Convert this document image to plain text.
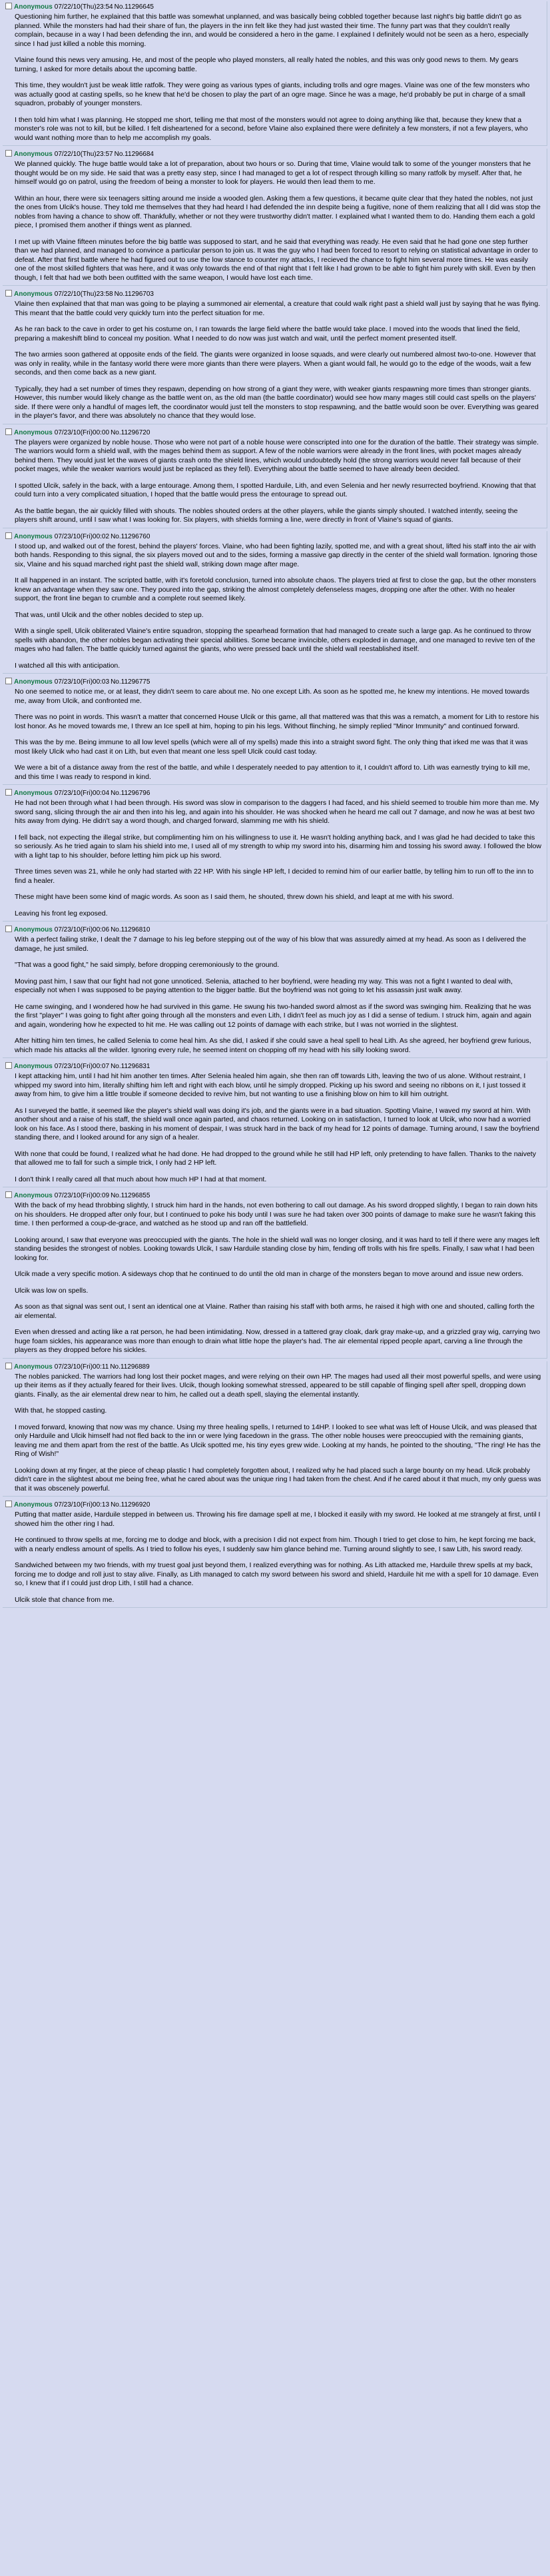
Anonymous 07/22/10(Thu)23:54 No.11296645

Questioning him further, he explained that this battle was somewhat unplanned, and was basically being cobbled together because last night's big battle didn't go as planned. While the monsters had had their share of fun, the players in the inn felt like they had just wasted their time. The funny part was that they couldn't really complain, because in a way I had been defending the inn, and would be considered a hero in the game. I explained I definitely would not be seen as a hero, especially since I had just killed a noble this morning.

Vlaine found this news very amusing. He, and most of the people who played monsters, all really hated the nobles, and this was only good news to them. My gears turning, I asked for more details about the upcoming battle.

This time, they wouldn't just be weak little ratfolk. They were going as various types of giants, including trolls and ogre mages. Vlaine was one of the few monsters who was actually good at casting spells, so he knew that he'd be chosen to play the part of an ogre mage. Since he was a mage, he'd probably be put in charge of a small squadron, probably of younger monsters.

I then told him what I was planning. He stopped me short, telling me that most of the monsters would not agree to doing anything like that, because they knew that a monster's role was not to kill, but be killed. I felt disheartened for a second, before Vlaine also explained there were definitely a few monsters, if not a few players, who would want nothing more than to help me accomplish my goals.

Anonymous 07/22/10(Thu)23:57 No.11296684

We planned quickly. The huge battle would take a lot of preparation, about two hours or so. During that time, Vlaine would talk to some of the younger monsters that he thought would be on my side. He said that was a pretty easy step, since I had managed to get a lot of respect through killing so many ratfolk by myself. After that, he himself would go on patrol, using the freedom of being a monster to look for players. He would then lead them to me.

Within an hour, there were six teenagers sitting around me inside a wooded glen. Asking them a few questions, it became quite clear that they hated the nobles, not just the ones from Ulcik's house. They told me themselves that they had heard I had defended the inn despite being a fugitive, none of them realizing that all I did was stop the nobles from having a chance to show off. Thankfully, whether or not they were trustworthy didn't matter. I explained what I wanted them to do. Handing them each a gold piece, I promised them another if things went as planned.

I met up with Vlaine fifteen minutes before the big battle was supposed to start, and he said that everything was ready. He even said that he had gone one step further than we had planned, and managed to convince a particular person to join us. It was the guy who I had been forced to resort to relying on statistical advantage in order to defeat. After that first battle where he had figured out to use the low stance to counter my attacks, I recieved the chance to fight him several more times. He was easily one of the most skilled fighters that was here, and it was only towards the end of that night that I felt like I had grown to be able to fight him purely with skill. Even by then though, I felt that had we both been outfitted with the same weapon, I would have lost each time.

Anonymous 07/22/10(Thu)23:58 No.11296703

Vlaine then explained that that man was going to be playing a summoned air elemental, a creature that could walk right past a shield wall just by saying that he was flying. This meant that the battle could very quickly turn into the perfect situation for me.

As he ran back to the cave in order to get his costume on, I ran towards the large field where the battle would take place. I moved into the woods that lined the field, preparing a makeshift blind to conceal my position. What I needed to do now was just watch and wait, until the perfect moment presented itself.

The two armies soon gathered at opposite ends of the field. The giants were organized in loose squads, and were clearly out numbered almost two-to-one. However that was only in reality, while in the fantasy world there were more giants than there were players. When a giant would fall, he would go to the edge of the woods, wait a few seconds, and then come back as a new giant.

Typically, they had a set number of times they respawn, depending on how strong of a giant they were, with weaker giants respawning more times than stronger giants. However, this number would likely change as the battle went on, as the old man (the battle coordinator) would see how many mages still could cast spells on the players' side. If there were only a handful of mages left, the coordinator would just tell the monsters to stop respawning, and the battle would soon be over. Everything was geared in the player's favor, and there was absolutely no chance that they would lose.

Anonymous 07/23/10(Fri)00:00 No.11296720

The players were organized by noble house. Those who were not part of a noble house were conscripted into one for the duration of the battle. Their strategy was simple. The warriors would form a shield wall, with the mages behind them as support. A few of the noble warriors were already in the front lines, with pocket mages already behind them. They would just let the waves of giants crash onto the shield lines, which would undoubtedly hold (the strong warriors would never fall because of their pocket mages, while the weaker warriors would just be replaced as they fell). Everything about the battle seemed to have already been decided.

I spotted Ulcik, safely in the back, with a large entourage. Among them, I spotted Harduile, Lith, and even Selenia and her newly resurrected boyfriend. Knowing that that could turn into a very complicated situation, I hoped that the battle would press the entourage to spread out.

As the battle began, the air quickly filled with shouts. The nobles shouted orders at the other players, while the giants simply shouted. I watched intently, seeing the players shift around, until I saw what I was looking for. Six players, with shields forming a line, were directly in front of Vlaine's squad of giants.

Anonymous 07/23/10(Fri)00:02 No.11296760

I stood up, and walked out of the forest, behind the players' forces. Vlaine, who had been fighting lazily, spotted me, and with a great shout, lifted his staff into the air with both hands. Responding to this signal, the six players moved out and to the sides, forming a massive gap directly in the center of the shield wall formation. Ignoring those six, Vlaine and his squad marched right past the shield wall, striking down mage after mage.

It all happened in an instant. The scripted battle, with it's foretold conclusion, turned into absolute chaos. The players tried at first to close the gap, but the other monsters knew an advantage when they saw one. They poured into the gap, striking the almost completely defenseless mages, dropping one after the other. With no healer support, the front line began to crumble and a complete rout seemed likely.

That was, until Ulcik and the other nobles decided to step up.

With a single spell, Ulcik obliterated Vlaine's entire squadron, stopping the spearhead formation that had managed to create such a large gap. As he continued to throw spells with abandon, the other nobles began activating their special abilities. Some became invincible, others exploded in damage, and one managed to revive ten of the mages who had fallen. The battle quickly turned against the giants, who were pressed back until the shield wall reestablished itself.

I watched all this with anticipation.

Anonymous 07/23/10(Fri)00:03 No.11296775

No one seemed to notice me, or at least, they didn't seem to care about me. No one except Lith. As soon as he spotted me, he knew my intentions. He moved towards me, away from Ulcik, and confronted me.

There was no point in words. This wasn't a matter that concerned House Ulcik or this game, all that mattered was that this was a rematch, a moment for Lith to restore his lost honor. As he moved towards me, I threw an Ice spell at him, hoping to pin his legs. Without flinching, he simply replied "Minor Immunity" and continued forward.

This was the by me. Being immune to all low level spells (which were all of my spells) made this into a straight sword fight. The only thing that irked me was that it was most likely Ulcik who had cast it on Lith, but even that meant one less spell Ulcik could cast today.

We were a bit of a distance away from the rest of the battle, and while I desperately needed to pay attention to it, I couldn't afford to. Lith was earnestly trying to kill me, and this time I was ready to respond in kind.

Anonymous 07/23/10(Fri)00:04 No.11296796

He had not been through what I had been through. His sword was slow in comparison to the daggers I had faced, and his shield seemed to trouble him more than me. My sword sang, slicing through the air and then into his leg, and again into his shoulder. He was shocked when he heard me call out 7 damage, and now he was at best two hits away from dying. He didn't say a word though, and charged forward, slamming me with his shield.

I fell back, not expecting the illegal strike, but complimenting him on his willingness to use it. He wasn't holding anything back, and I was glad he had decided to take this so seriously. As he tried again to slam his shield into me, I used all of my strength to whip my sword into his, disarming him and tossing his sword away. I followed the blow with a light tap to his shoulder, before letting him pick up his sword.

Three times seven was 21, while he only had started with 22 HP. With his single HP left, I decided to remind him of our earlier battle, by telling him to run off to the inn to find a healer.

These might have been some kind of magic words. As soon as I said them, he shouted, threw down his shield, and leapt at me with his sword.

Leaving his front leg exposed.

Anonymous 07/23/10(Fri)00:06 No.11296810

With a perfect failing strike, I dealt the 7 damage to his leg before stepping out of the way of his blow that was assuredly aimed at my head. As soon as I delivered the damage, he just smiled.

"That was a good fight," he said simply, before dropping ceremoniously to the ground.

Moving past him, I saw that our fight had not gone unnoticed. Selenia, attached to her boyfriend, were heading my way. This was not a fight I wanted to deal with, especially not when I was supposed to be paying attention to the bigger battle. But the boyfriend was not going to let his assassin just walk away.

He came swinging, and I wondered how he had survived in this game. He swung his two-handed sword almost as if the sword was swinging him. Realizing that he was the first "player" I was going to fight after going through all the monsters and even Lith, I didn't feel as much joy as I did a sense of tedium. I struck him, again and again and again, wondering how he expected to hit me. He was calling out 12 points of damage with each strike, but I was not worried in the slightest.

After hitting him ten times, he called Selenia to come heal him. As she did, I asked if she could save a heal spell to heal Lith. As she agreed, her boyfriend grew furious, which made his attacks all the wilder. Ignoring every rule, he seemed intent on chopping off my head with his silly looking sword.

Anonymous 07/23/10(Fri)00:07 No.11296831

I kept attacking him, until I had hit him another ten times. After Selenia healed him again, she then ran off towards Lith, leaving the two of us alone. Without restraint, I whipped my sword into him, literally shifting him left and right with each blow, until he simply dropped. Picking up his sword and seeing no ribbons on it, I just tossed it away from him, to give him a little trouble if someone decided to revive him, but not wanting to use a finishing blow on him to kill him outright.

As I surveyed the battle, it seemed like the player's shield wall was doing it's job, and the giants were in a bad situation. Spotting Vlaine, I waved my sword at him. With another shout and a raise of his staff, the shield wall once again parted, and chaos returned. Looking on in satisfaction, I turned to look at Ulcik, who now had a worried look on his face. As I stood there, basking in his moment of despair, I was struck hard in the back of my head for 12 points of damage. Turning around, I saw the boyfriend standing there, and I looked around for any sign of a healer.

With none that could be found, I realized what he had done. He had dropped to the ground while he still had HP left, only pretending to have fallen. Thanks to the naivety that allowed me to fall for such a simple trick, I only had 2 HP left.

I don't think I really cared all that much about how much HP I had at that moment.

Anonymous 07/23/10(Fri)00:09 No.11296855

With the back of my head throbbing slightly, I struck him hard in the hands, not even bothering to call out damage. As his sword dropped slightly, I began to rain down hits on his shoulders. He dropped after only four, but I continued to poke his body until I was sure he had taken over 300 points of damage to make sure he wasn't faking this time. I then performed a coup-de-grace, and watched as he stood up and ran off the battlefield.

Looking around, I saw that everyone was preoccupied with the giants. The hole in the shield wall was no longer closing, and it was hard to tell if there were any mages left standing besides the strongest of nobles. Looking towards Ulcik, I saw Harduile standing close by him, fending off trolls with his fire spells. Finally, I saw what I had been looking for.

Ulcik made a very specific motion. A sideways chop that he continued to do until the old man in charge of the monsters began to move around and issue new orders.

Ulcik was low on spells.

As soon as that signal was sent out, I sent an identical one at Vlaine. Rather than raising his staff with both arms, he raised it high with one and shouted, calling forth the air elemental.

Even when dressed and acting like a rat person, he had been intimidating. Now, dressed in a tattered gray cloak, dark gray make-up, and a grizzled gray wig, carrying two huge foam sickles, his appearance was more than enough to drain what little hope the player's had. The air elemental ripped people apart, carving a line through the players as they dropped before his sickles.

Anonymous 07/23/10(Fri)00:11 No.11296889

The nobles panicked. The warriors had long lost their pocket mages, and were relying on their own HP. The mages had used all their most powerful spells, and were using up their items as if they actually feared for their lives. Ulcik, though looking somewhat stressed, appeared to be still capable of flinging spell after spell, dropping down giants. Finally, as the air elemental drew near to him, he called out a death spell, slaying the elemental instantly.

With that, he stopped casting.

I moved forward, knowing that now was my chance. Using my three healing spells, I returned to 14HP. I looked to see what was left of House Ulcik, and was pleased that only Harduile and Ulcik himself had not fled back to the inn or were lying facedown in the grass. The other noble houses were preoccupied with the remaining giants, leaving me and them apart from the rest of the battle. As Ulcik spotted me, his tiny eyes grew wide. Looking at my hands, he pointed to the shouting, "The ring! He has the Ring of Wish!"

Looking down at my finger, at the piece of cheap plastic I had completely forgotten about, I realized why he had placed such a large bounty on my head. Ulcik probably didn't care in the slightest about me being free, what he cared about was the unique ring I had taken from the chest. And if he cared about it that much, my only guess was that it was obscenely powerful.

Anonymous 07/23/10(Fri)00:13 No.11296920

Putting that matter aside, Harduile stepped in between us. Throwing his fire damage spell at me, I blocked it easily with my sword. He looked at me strangely at first, until I showed him the other ring I had.

He continued to throw spells at me, forcing me to dodge and block, with a precision I did not expect from him. Though I tried to get close to him, he kept forcing me back, with a nearly endless amount of spells. As I tried to follow his eyes, I suddenly saw him glance behind me. Turning around slightly to see, I saw Lith, his sword ready.

Sandwiched between my two friends, with my truest goal just beyond them, I realized everything was for nothing. As Lith attacked me, Harduile threw spells at my back, forcing me to dodge and roll just to stay alive. Finally, as Lith managed to catch my sword between his sword and shield, Harduile hit me with a spell for 10 damage. Even so, I knew that if I could just drop Lith, I still had a chance.

Ulcik stole that chance from me.
